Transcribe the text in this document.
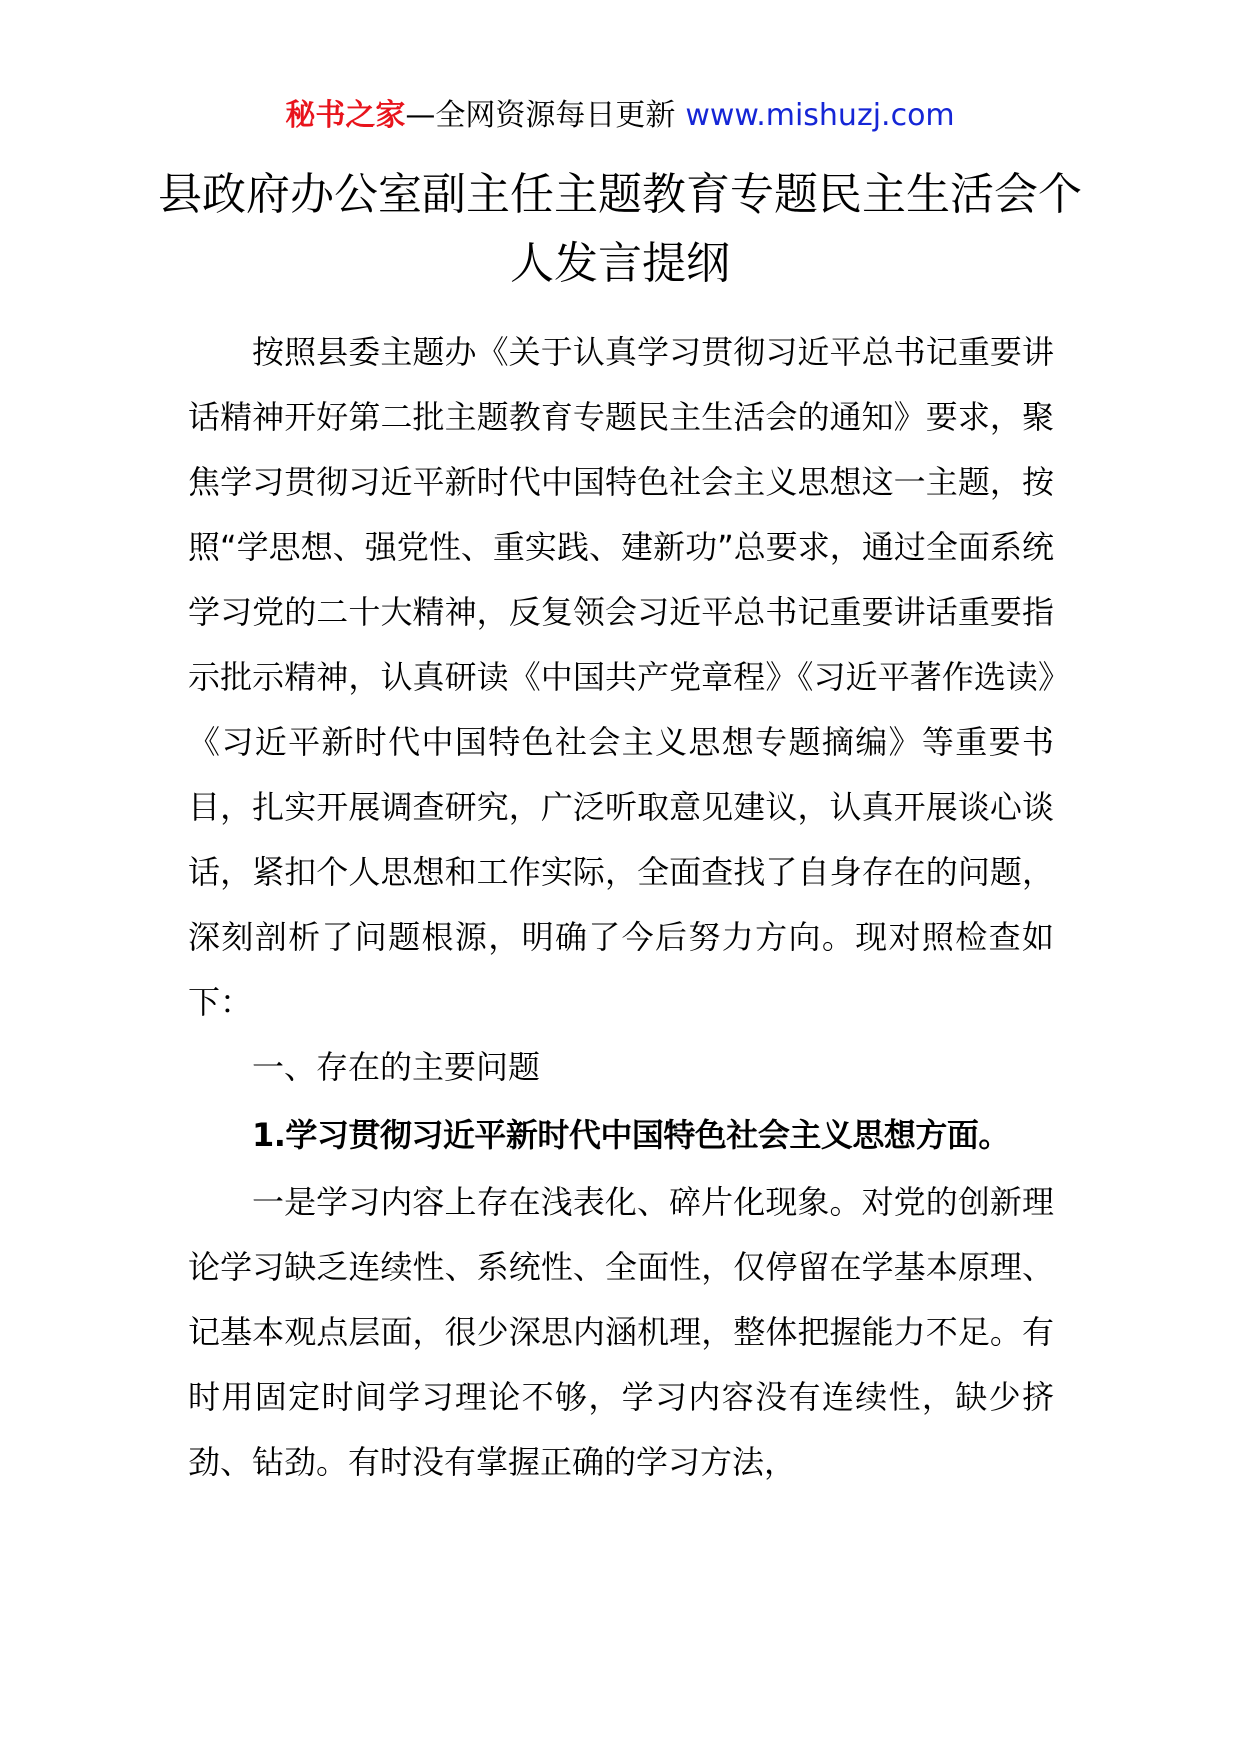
秘书之家—全网资源每日更新 www.mishuzj.com
县政府办公室副主任主题教育专题民主生活会个人发言提纲

按照县委主题办《关于认真学习贯彻习近平总书记重要讲话精神开好第二批主题教育专题民主生活会的通知》要求，聚焦学习贯彻习近平新时代中国特色社会主义思想这一主题，按照“学思想、强党性、重实践、建新功”总要求，通过全面系统学习党的二十大精神，反复领会习近平总书记重要讲话重要指示批示精神，认真研读《中国共产党章程》《习近平著作选读》《习近平新时代中国特色社会主义思想专题摘编》等重要书目，扎实开展调查研究，广泛听取意见建议，认真开展谈心谈话，紧扣个人思想和工作实际，全面查找了自身存在的问题，深刻剖析了问题根源，明确了今后努力方向。现对照检查如下：

一、存在的主要问题

1.学习贯彻习近平新时代中国特色社会主义思想方面。

一是学习内容上存在浅表化、碎片化现象。对党的创新理论学习缺乏连续性、系统性、全面性，仅停留在学基本原理、记基本观点层面，很少深思内涵机理，整体把握能力不足。有时用固定时间学习理论不够，学习内容没有连续性，缺少挤劲、钻劲。有时没有掌握正确的学习方法，
